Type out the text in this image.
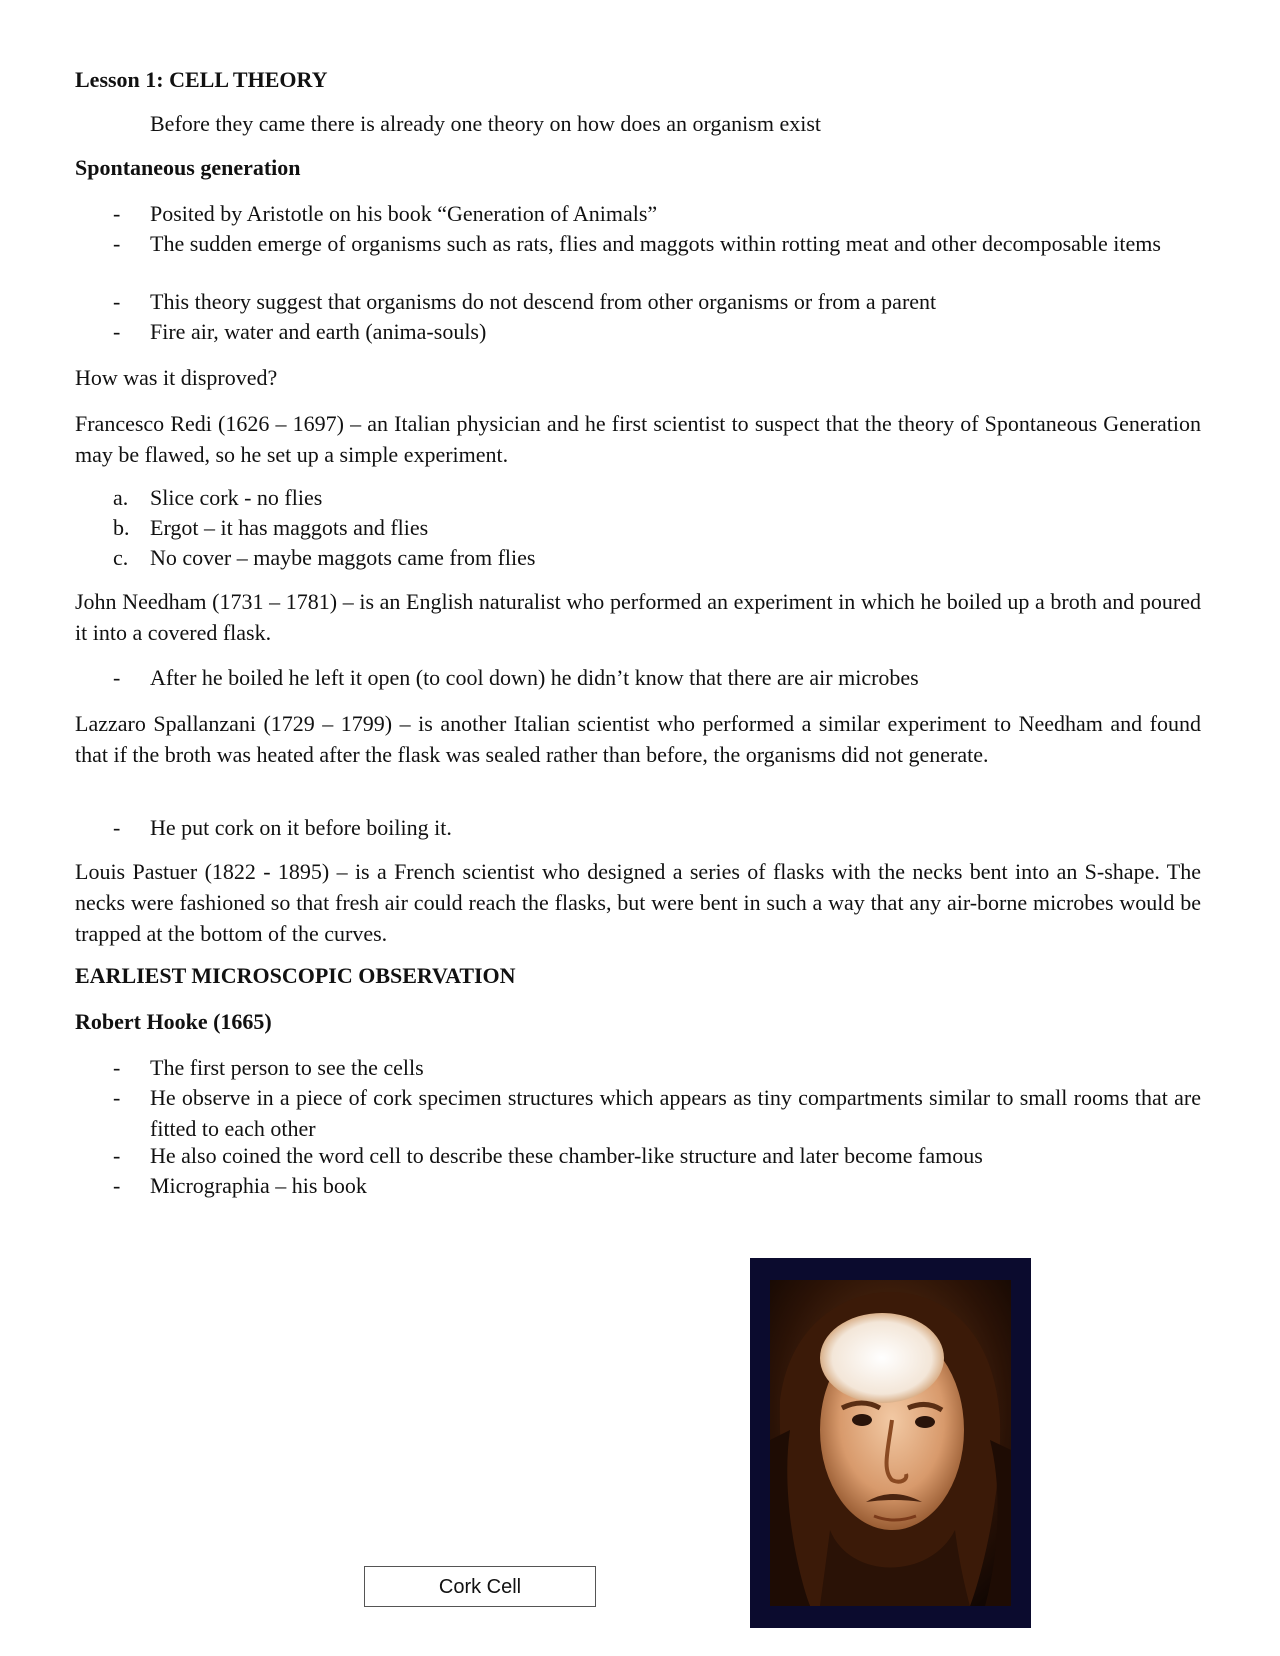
Lesson 1: CELL THEORY

Before they came there is already one theory on how does an organism exist

Spontaneous generation

- Posited by Aristotle on his book “Generation of Animals”
- The sudden emerge of organisms such as rats, flies and maggots within rotting meat and other decomposable items
- This theory suggest that organisms do not descend from other organisms or from a parent
- Fire air, water and earth (anima-souls)

How was it disproved?

Francesco Redi (1626 – 1697) – an Italian physician and he first scientist to suspect that the theory of Spontaneous Generation may be flawed, so he set up a simple experiment.

a. Slice cork - no flies
b. Ergot – it has maggots and flies
c. No cover – maybe maggots came from flies

John Needham (1731 – 1781) – is an English naturalist who performed an experiment in which he boiled up a broth and poured it into a covered flask.

- After he boiled he left it open (to cool down) he didn’t know that there are air microbes

Lazzaro Spallanzani (1729 – 1799) – is another Italian scientist who performed a similar experiment to Needham and found that if the broth was heated after the flask was sealed rather than before, the organisms did not generate.

- He put cork on it before boiling it.

Louis Pastuer (1822 - 1895) – is a French scientist who designed a series of flasks with the necks bent into an S-shape. The necks were fashioned so that fresh air could reach the flasks, but were bent in such a way that any air-borne microbes would be trapped at the bottom of the curves.

EARLIEST MICROSCOPIC OBSERVATION

Robert Hooke (1665)

- The first person to see the cells
- He observe in a piece of cork specimen structures which appears as tiny compartments similar to small rooms that are fitted to each other
- He also coined the word cell to describe these chamber-like structure and later become famous
- Micrographia – his book
Cork Cell
